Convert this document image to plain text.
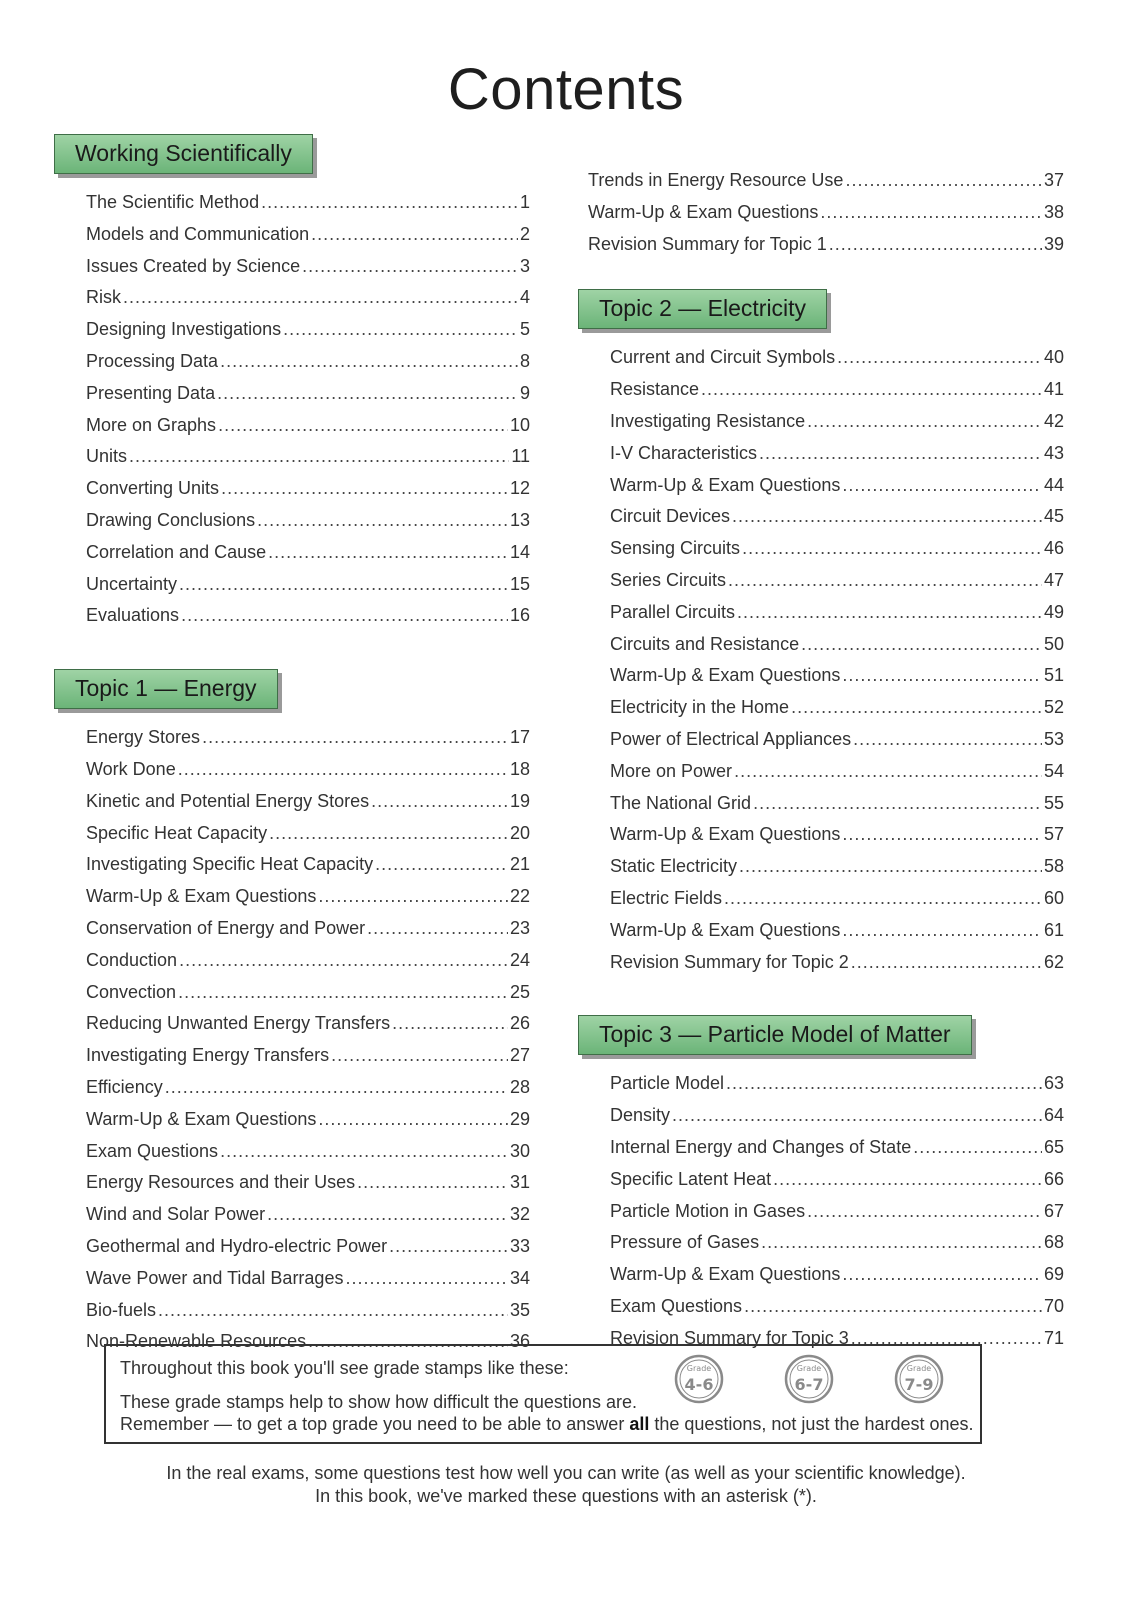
Contents
Working Scientifically
The Scientific Method .....	1
Models and Communication .....	2
Issues Created by Science .....	3
Risk .....	4
Designing Investigations .....	5
Processing Data .....	8
Presenting Data .....	9
More on Graphs .....	10
Units .....	11
Converting Units .....	12
Drawing Conclusions .....	13
Correlation and Cause .....	14
Uncertainty .....	15
Evaluations .....	16
Topic 1 — Energy
Energy Stores .....	17
Work Done .....	18
Kinetic and Potential Energy Stores .....	19
Specific Heat Capacity .....	20
Investigating Specific Heat Capacity .....	21
Warm-Up & Exam Questions .....	22
Conservation of Energy and Power .....	23
Conduction .....	24
Convection .....	25
Reducing Unwanted Energy Transfers .....	26
Investigating Energy Transfers .....	27
Efficiency .....	28
Warm-Up & Exam Questions .....	29
Exam Questions .....	30
Energy Resources and their Uses .....	31
Wind and Solar Power .....	32
Geothermal and Hydro-electric Power .....	33
Wave Power and Tidal Barrages .....	34
Bio-fuels .....	35
Non-Renewable Resources .....	36
Trends in Energy Resource Use .....	37
Warm-Up & Exam Questions .....	38
Revision Summary for Topic 1 .....	39
Topic 2 — Electricity
Current and Circuit Symbols .....	40
Resistance .....	41
Investigating Resistance .....	42
I-V Characteristics .....	43
Warm-Up & Exam Questions .....	44
Circuit Devices .....	45
Sensing Circuits .....	46
Series Circuits .....	47
Parallel Circuits .....	49
Circuits and Resistance .....	50
Warm-Up & Exam Questions .....	51
Electricity in the Home .....	52
Power of Electrical Appliances .....	53
More on Power .....	54
The National Grid .....	55
Warm-Up & Exam Questions .....	57
Static Electricity .....	58
Electric Fields .....	60
Warm-Up & Exam Questions .....	61
Revision Summary for Topic 2 .....	62
Topic 3 — Particle Model of Matter
Particle Model .....	63
Density .....	64
Internal Energy and Changes of State .....	65
Specific Latent Heat .....	66
Particle Motion in Gases .....	67
Pressure of Gases .....	68
Warm-Up & Exam Questions .....	69
Exam Questions .....	70
Revision Summary for Topic 3 .....	71
Throughout this book you'll see grade stamps like these:
These grade stamps help to show how difficult the questions are.
Remember — to get a top grade you need to be able to answer all the questions, not just the hardest ones.
Grade
4-6
Grade
6-7
Grade
7-9
In the real exams, some questions test how well you can write (as well as your scientific knowledge).
In this book, we've marked these questions with an asterisk (*).
